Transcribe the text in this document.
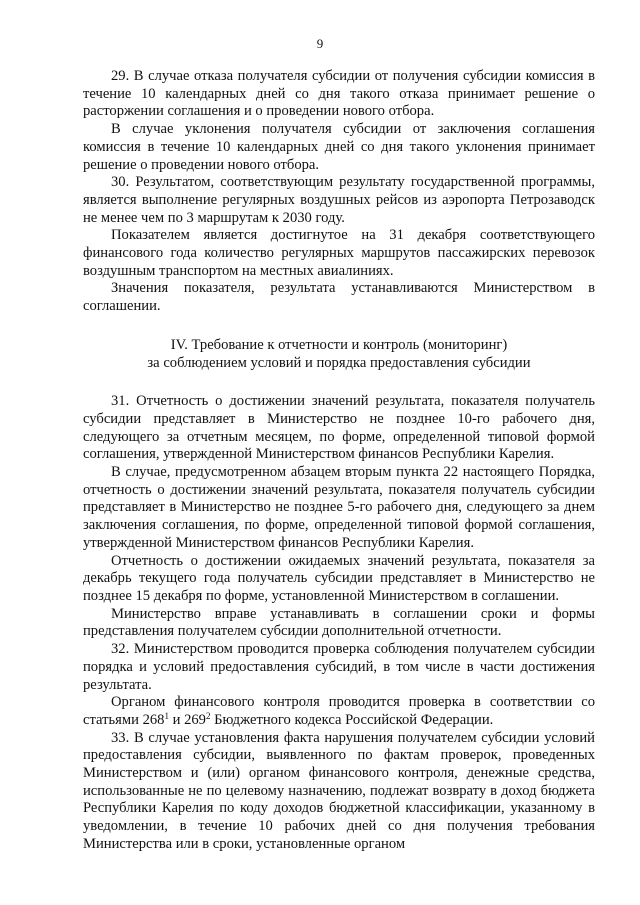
9

29. В случае отказа получателя субсидии от получения субсидии комиссия в течение 10 календарных дней со дня такого отказа принимает решение о расторжении соглашения и о проведении нового отбора.

В случае уклонения получателя субсидии от заключения соглашения комиссия в течение 10 календарных дней со дня такого уклонения принимает решение о проведении нового отбора.

30. Результатом, соответствующим результату государственной программы, является выполнение регулярных воздушных рейсов из аэропорта Петрозаводск не менее чем по 3 маршрутам к 2030 году.

Показателем является достигнутое на 31 декабря соответствующего финансового года количество регулярных маршрутов пассажирских перевозок воздушным транспортом на местных авиалиниях.

Значения показателя, результата устанавливаются Министерством в соглашении.

IV. Требование к отчетности и контроль (мониторинг)
за соблюдением условий и порядка предоставления субсидии

31. Отчетность о достижении значений результата, показателя получатель субсидии представляет в Министерство не позднее 10-го рабочего дня, следующего за отчетным месяцем, по форме, определенной типовой формой соглашения, утвержденной Министерством финансов Республики Карелия.

В случае, предусмотренном абзацем вторым пункта 22 настоящего Порядка, отчетность о достижении значений результата, показателя получатель субсидии представляет в Министерство не позднее 5-го рабочего дня, следующего за днем заключения соглашения, по форме, определенной типовой формой соглашения, утвержденной Министерством финансов Республики Карелия.

Отчетность о достижении ожидаемых значений результата, показателя за декабрь текущего года получатель субсидии представляет в Министерство не позднее 15 декабря по форме, установленной Министерством в соглашении.

Министерство вправе устанавливать в соглашении сроки и формы представления получателем субсидии дополнительной отчетности.

32. Министерством проводится проверка соблюдения получателем субсидии порядка и условий предоставления субсидий, в том числе в части достижения результата.

Органом финансового контроля проводится проверка в соответствии со статьями $268^1$ и $269^2$ Бюджетного кодекса Российской Федерации.

33. В случае установления факта нарушения получателем субсидии условий предоставления субсидии, выявленного по фактам проверок, проведенных Министерством и (или) органом финансового контроля, денежные средства, использованные не по целевому назначению, подлежат возврату в доход бюджета Республики Карелия по коду доходов бюджетной классификации, указанному в уведомлении, в течение 10 рабочих дней со дня получения требования Министерства или в сроки, установленные органом
